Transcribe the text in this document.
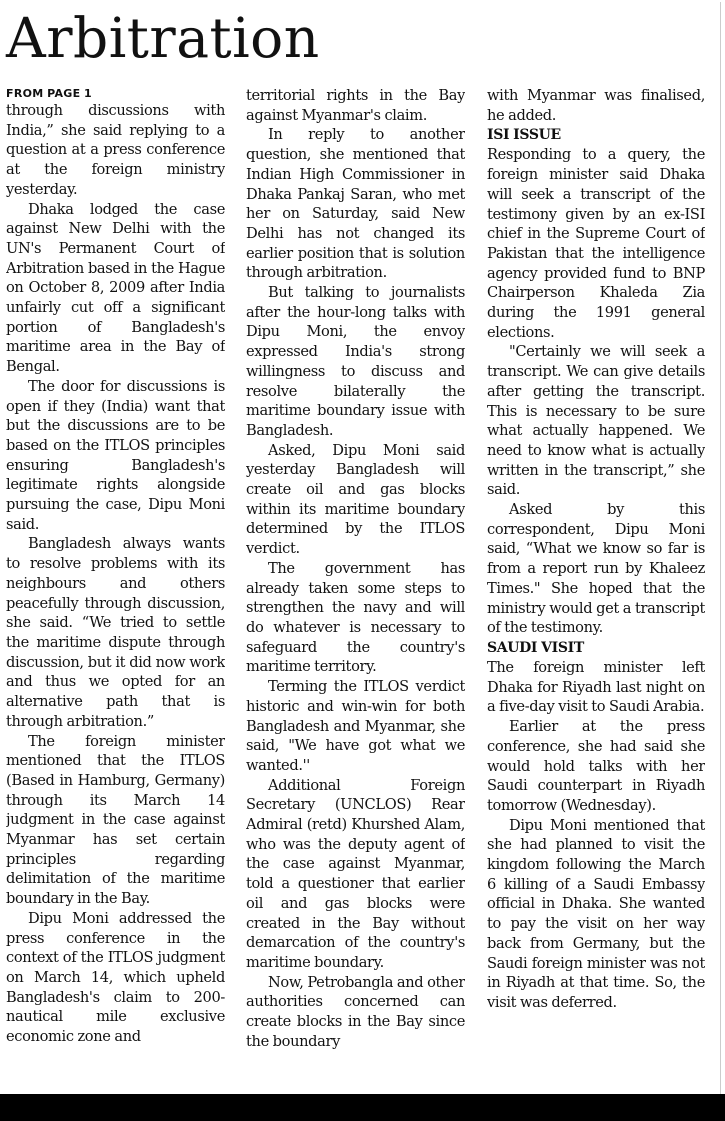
Arbitration
FROM PAGE 1

through discussions with India,” she said replying to a question at a press conference at the foreign ministry yesterday.

Dhaka lodged the case against New Delhi with the UN's Permanent Court of Arbitration based in the Hague on October 8, 2009 after India unfairly cut off a significant portion of Bangladesh's maritime area in the Bay of Bengal.

The door for discussions is open if they (India) want that but the discussions are to be based on the ITLOS principles ensuring Bangladesh's legitimate rights alongside pursuing the case, Dipu Moni said.

Bangladesh always wants to resolve problems with its neighbours and others peacefully through discussion, she said. “We tried to settle the maritime dispute through discussion, but it did now work and thus we opted for an alternative path that is through arbitration.”

The foreign minister mentioned that the ITLOS (Based in Hamburg, Germany) through its March 14 judgment in the case against Myanmar has set certain principles regarding delimitation of the maritime boundary in the Bay.

Dipu Moni addressed the press conference in the context of the ITLOS judgment on March 14, which upheld Bangladesh's claim to 200-nautical mile exclusive economic zone and

territorial rights in the Bay against Myanmar's claim.

In reply to another question, she mentioned that Indian High Commissioner in Dhaka Pankaj Saran, who met her on Saturday, said New Delhi has not changed its earlier position that is solution through arbitration.

But talking to journalists after the hour-long talks with Dipu Moni, the envoy expressed India's strong willingness to discuss and resolve bilaterally the maritime boundary issue with Bangladesh.

Asked, Dipu Moni said yesterday Bangladesh will create oil and gas blocks within its maritime boundary determined by the ITLOS verdict.

The government has already taken some steps to strengthen the navy and will do whatever is necessary to safeguard the country's maritime territory.

Terming the ITLOS verdict historic and win-win for both Bangladesh and Myanmar, she said, "We have got what we wanted.''

Additional Foreign Secretary (UNCLOS) Rear Admiral (retd) Khurshed Alam, who was the deputy agent of the case against Myanmar, told a questioner that earlier oil and gas blocks were created in the Bay without demarcation of the country's maritime boundary.

Now, Petrobangla and other authorities concerned can create blocks in the Bay since the boundary

with Myanmar was finalised, he added.

ISI ISSUE

Responding to a query, the foreign minister said Dhaka will seek a transcript of the testimony given by an ex-ISI chief in the Supreme Court of Pakistan that the intelligence agency provided fund to BNP Chairperson Khaleda Zia during the 1991 general elections.

"Certainly we will seek a transcript. We can give details after getting the transcript. This is necessary to be sure what actually happened. We need to know what is actually written in the transcript,” she said.

Asked by this correspondent, Dipu Moni said, “What we know so far is from a report run by Khaleez Times." She hoped that the ministry would get a transcript of the testimony.

SAUDI VISIT

The foreign minister left Dhaka for Riyadh last night on a five-day visit to Saudi Arabia.

Earlier at the press conference, she had said she would hold talks with her Saudi counterpart in Riyadh tomorrow (Wednesday).

Dipu Moni mentioned that she had planned to visit the kingdom following the March 6 killing of a Saudi Embassy official in Dhaka. She wanted to pay the visit on her way back from Germany, but the Saudi foreign minister was not in Riyadh at that time. So, the visit was deferred.
